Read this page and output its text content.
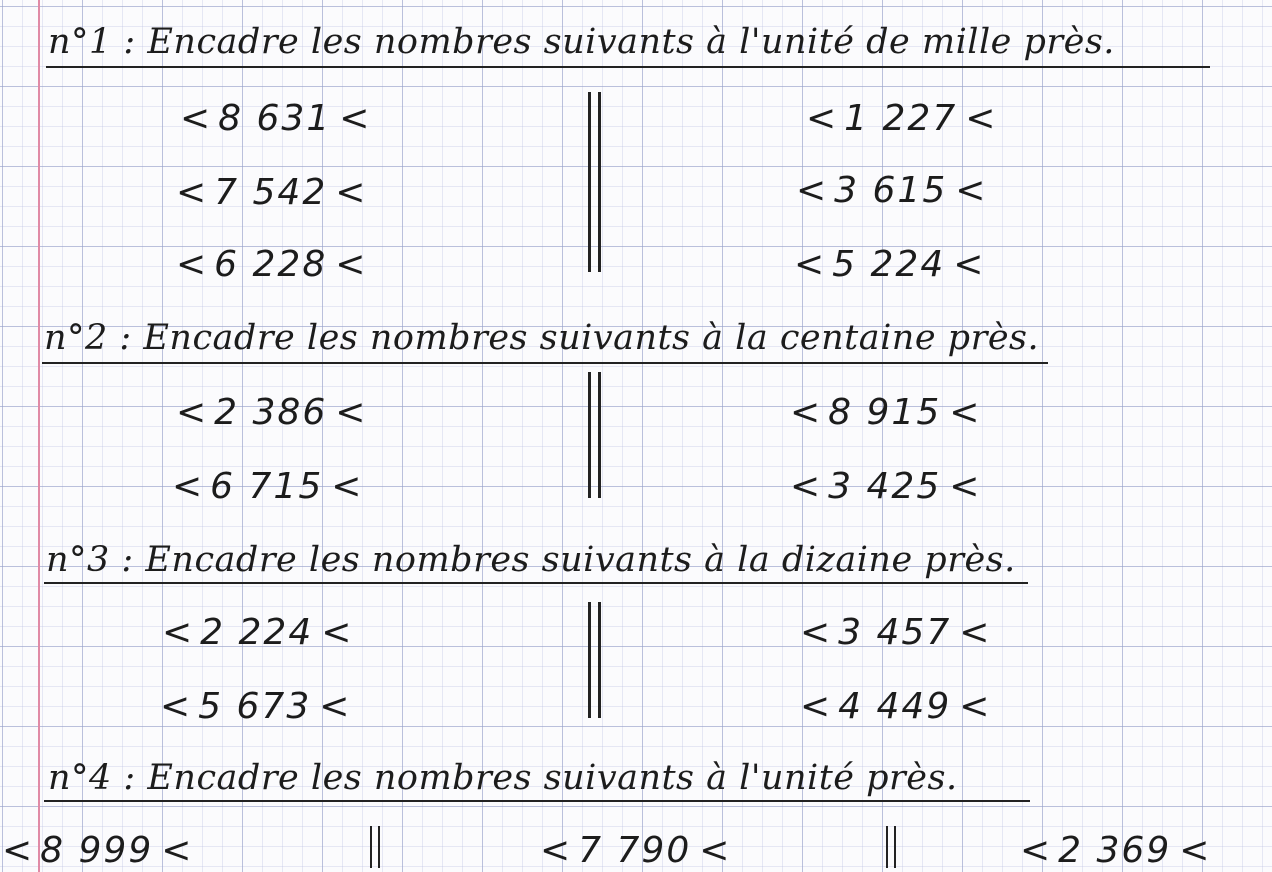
n°1 : Encadre les nombres suivants à l'unité de mille près.
< 8 631 <
< 7 542 <
< 6 228 <
< 1 227 <
< 3 615 <
< 5 224 <
n°2 : Encadre les nombres suivants à la centaine près.
< 2 386 <
< 6 715 <
< 8 915 <
< 3 425 <
n°3 : Encadre les nombres suivants à la dizaine près.
< 2 224 <
< 5 673 <
< 3 457 <
< 4 449 <
n°4 : Encadre les nombres suivants à l'unité près.
< 8 999 <	< 7 790 <	< 2 369 <
